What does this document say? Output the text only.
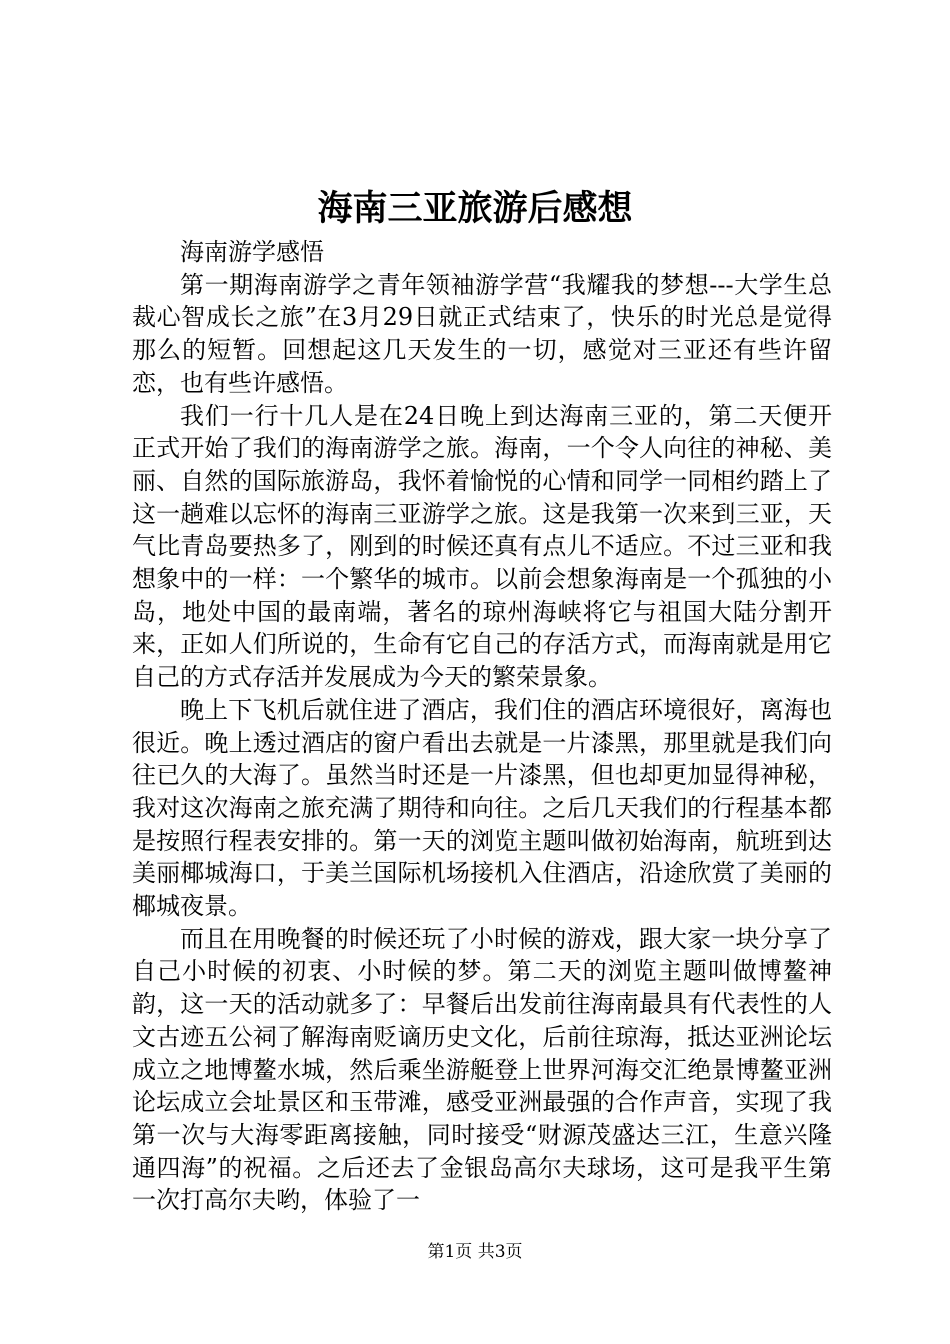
海南三亚旅游后感想

海南游学感悟

第一期海南游学之青年领袖游学营“我耀我的梦想---大学生总裁心智成长之旅”在3月29日就正式结束了，快乐的时光总是觉得那么的短暂。回想起这几天发生的一切，感觉对三亚还有些许留恋，也有些许感悟。

我们一行十几人是在24日晚上到达海南三亚的，第二天便开正式开始了我们的海南游学之旅。海南，一个令人向往的神秘、美丽、自然的国际旅游岛，我怀着愉悦的心情和同学一同相约踏上了这一趟难以忘怀的海南三亚游学之旅。这是我第一次来到三亚，天气比青岛要热多了，刚到的时候还真有点儿不适应。不过三亚和我想象中的一样：一个繁华的城市。以前会想象海南是一个孤独的小岛，地处中国的最南端，著名的琼州海峡将它与祖国大陆分割开来，正如人们所说的，生命有它自己的存活方式，而海南就是用它自己的方式存活并发展成为今天的繁荣景象。

晚上下飞机后就住进了酒店，我们住的酒店环境很好，离海也很近。晚上透过酒店的窗户看出去就是一片漆黑，那里就是我们向往已久的大海了。虽然当时还是一片漆黑，但也却更加显得神秘，我对这次海南之旅充满了期待和向往。之后几天我们的行程基本都是按照行程表安排的。第一天的浏览主题叫做初始海南，航班到达美丽椰城海口，于美兰国际机场接机入住酒店，沿途欣赏了美丽的椰城夜景。

而且在用晚餐的时候还玩了小时候的游戏，跟大家一块分享了自己小时候的初衷、小时候的梦。第二天的浏览主题叫做博鳌神韵，这一天的活动就多了：早餐后出发前往海南最具有代表性的人文古迹五公祠了解海南贬谪历史文化，后前往琼海，抵达亚洲论坛成立之地博鳌水城，然后乘坐游艇登上世界河海交汇绝景博鳌亚洲论坛成立会址景区和玉带滩，感受亚洲最强的合作声音，实现了我第一次与大海零距离接触，同时接受“财源茂盛达三江，生意兴隆通四海”的祝福。之后还去了金银岛高尔夫球场，这可是我平生第一次打高尔夫哟，体验了一

第1页 共3页
